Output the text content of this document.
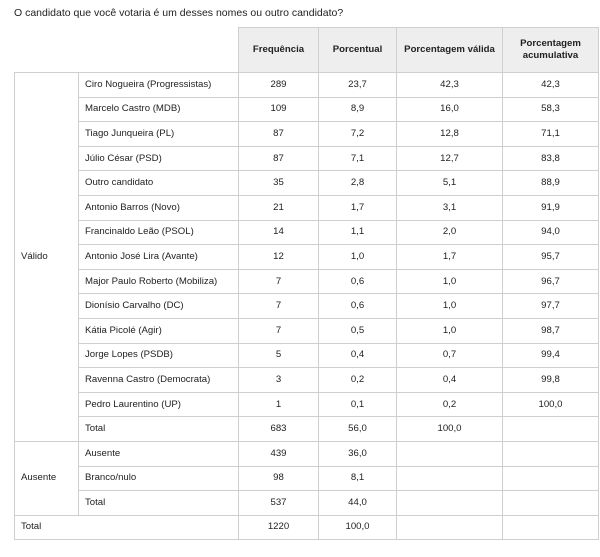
O candidato que você votaria é um desses nomes ou outro candidato?
		Frequência	Porcentual	Porcentagem válida	Porcentagem acumulativa
Válido	Ciro Nogueira (Progressistas)	289	23,7	42,3	42,3
	Marcelo Castro (MDB)	109	8,9	16,0	58,3
	Tiago Junqueira (PL)	87	7,2	12,8	71,1
	Júlio César (PSD)	87	7,1	12,7	83,8
	Outro candidato	35	2,8	5,1	88,9
	Antonio Barros (Novo)	21	1,7	3,1	91,9
	Francinaldo Leão (PSOL)	14	1,1	2,0	94,0
	Antonio José Lira (Avante)	12	1,0	1,7	95,7
	Major Paulo Roberto (Mobiliza)	7	0,6	1,0	96,7
	Dionísio Carvalho (DC)	7	0,6	1,0	97,7
	Kátia Picolé (Agir)	7	0,5	1,0	98,7
	Jorge Lopes (PSDB)	5	0,4	0,7	99,4
	Ravenna Castro (Democrata)	3	0,2	0,4	99,8
	Pedro Laurentino (UP)	1	0,1	0,2	100,0
	Total	683	56,0	100,0	
Ausente	Ausente	439	36,0		
	Branco/nulo	98	8,1		
	Total	537	44,0		
Total		1220	100,0		
